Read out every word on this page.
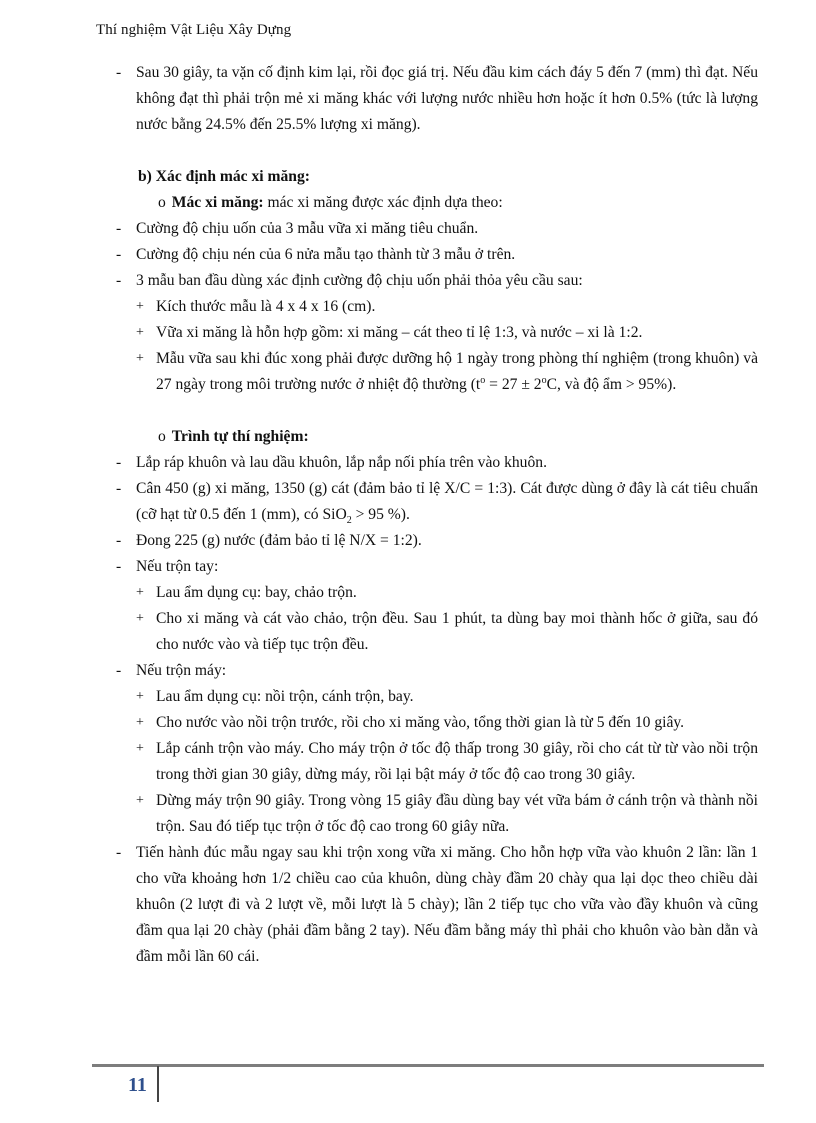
Thí nghiệm Vật Liệu Xây Dựng
- Sau 30 giây, ta vặn cố định kim lại, rồi đọc giá trị. Nếu đầu kim cách đáy 5 đến 7 (mm) thì đạt. Nếu không đạt thì phải trộn mẻ xi măng khác với lượng nước nhiều hơn hoặc ít hơn 0.5% (tức là lượng nước bằng 24.5% đến 25.5% lượng xi măng).
b) Xác định mác xi măng:
o Mác xi măng: mác xi măng được xác định dựa theo:
- Cường độ chịu uốn của 3 mẫu vữa xi măng tiêu chuẩn.
- Cường độ chịu nén của 6 nửa mẫu tạo thành từ 3 mẫu ở trên.
- 3 mẫu ban đầu dùng xác định cường độ chịu uốn phải thỏa yêu cầu sau:
+ Kích thước mẫu là 4 x 4 x 16 (cm).
+ Vữa xi măng là hỗn hợp gồm: xi măng – cát theo tỉ lệ 1:3, và nước – xi là 1:2.
+ Mẫu vữa sau khi đúc xong phải được dưỡng hộ 1 ngày trong phòng thí nghiệm (trong khuôn) và 27 ngày trong môi trường nước ở nhiệt độ thường ($t^o = 27 \pm 2^oC$, và độ ẩm > 95%).
o Trình tự thí nghiệm:
- Lắp ráp khuôn và lau dầu khuôn, lắp nắp nối phía trên vào khuôn.
- Cân 450 (g) xi măng, 1350 (g) cát (đảm bảo tỉ lệ X/C = 1:3). Cát được dùng ở đây là cát tiêu chuẩn (cỡ hạt từ 0.5 đến 1 (mm), có SiO$_2$ > 95 %).
- Đong 225 (g) nước (đảm bảo tỉ lệ N/X = 1:2).
- Nếu trộn tay:
+ Lau ẩm dụng cụ: bay, chảo trộn.
+ Cho xi măng và cát vào chảo, trộn đều. Sau 1 phút, ta dùng bay moi thành hốc ở giữa, sau đó cho nước vào và tiếp tục trộn đều.
- Nếu trộn máy:
+ Lau ẩm dụng cụ: nồi trộn, cánh trộn, bay.
+ Cho nước vào nồi trộn trước, rồi cho xi măng vào, tổng thời gian là từ 5 đến 10 giây.
+ Lắp cánh trộn vào máy. Cho máy trộn ở tốc độ thấp trong 30 giây, rồi cho cát từ từ vào nồi trộn trong thời gian 30 giây, dừng máy, rồi lại bật máy ở tốc độ cao trong 30 giây.
+ Dừng máy trộn 90 giây. Trong vòng 15 giây đầu dùng bay vét vữa bám ở cánh trộn và thành nồi trộn. Sau đó tiếp tục trộn ở tốc độ cao trong 60 giây nữa.
- Tiến hành đúc mẫu ngay sau khi trộn xong vữa xi măng. Cho hỗn hợp vữa vào khuôn 2 lần: lần 1 cho vữa khoảng hơn 1/2 chiều cao của khuôn, dùng chày đầm 20 chày qua lại dọc theo chiều dài khuôn (2 lượt đi và 2 lượt về, mỗi lượt là 5 chày); lần 2 tiếp tục cho vữa vào đầy khuôn và cũng đầm qua lại 20 chày (phải đầm bằng 2 tay). Nếu đầm bằng máy thì phải cho khuôn vào bàn dằn và đầm mỗi lần 60 cái.
11
